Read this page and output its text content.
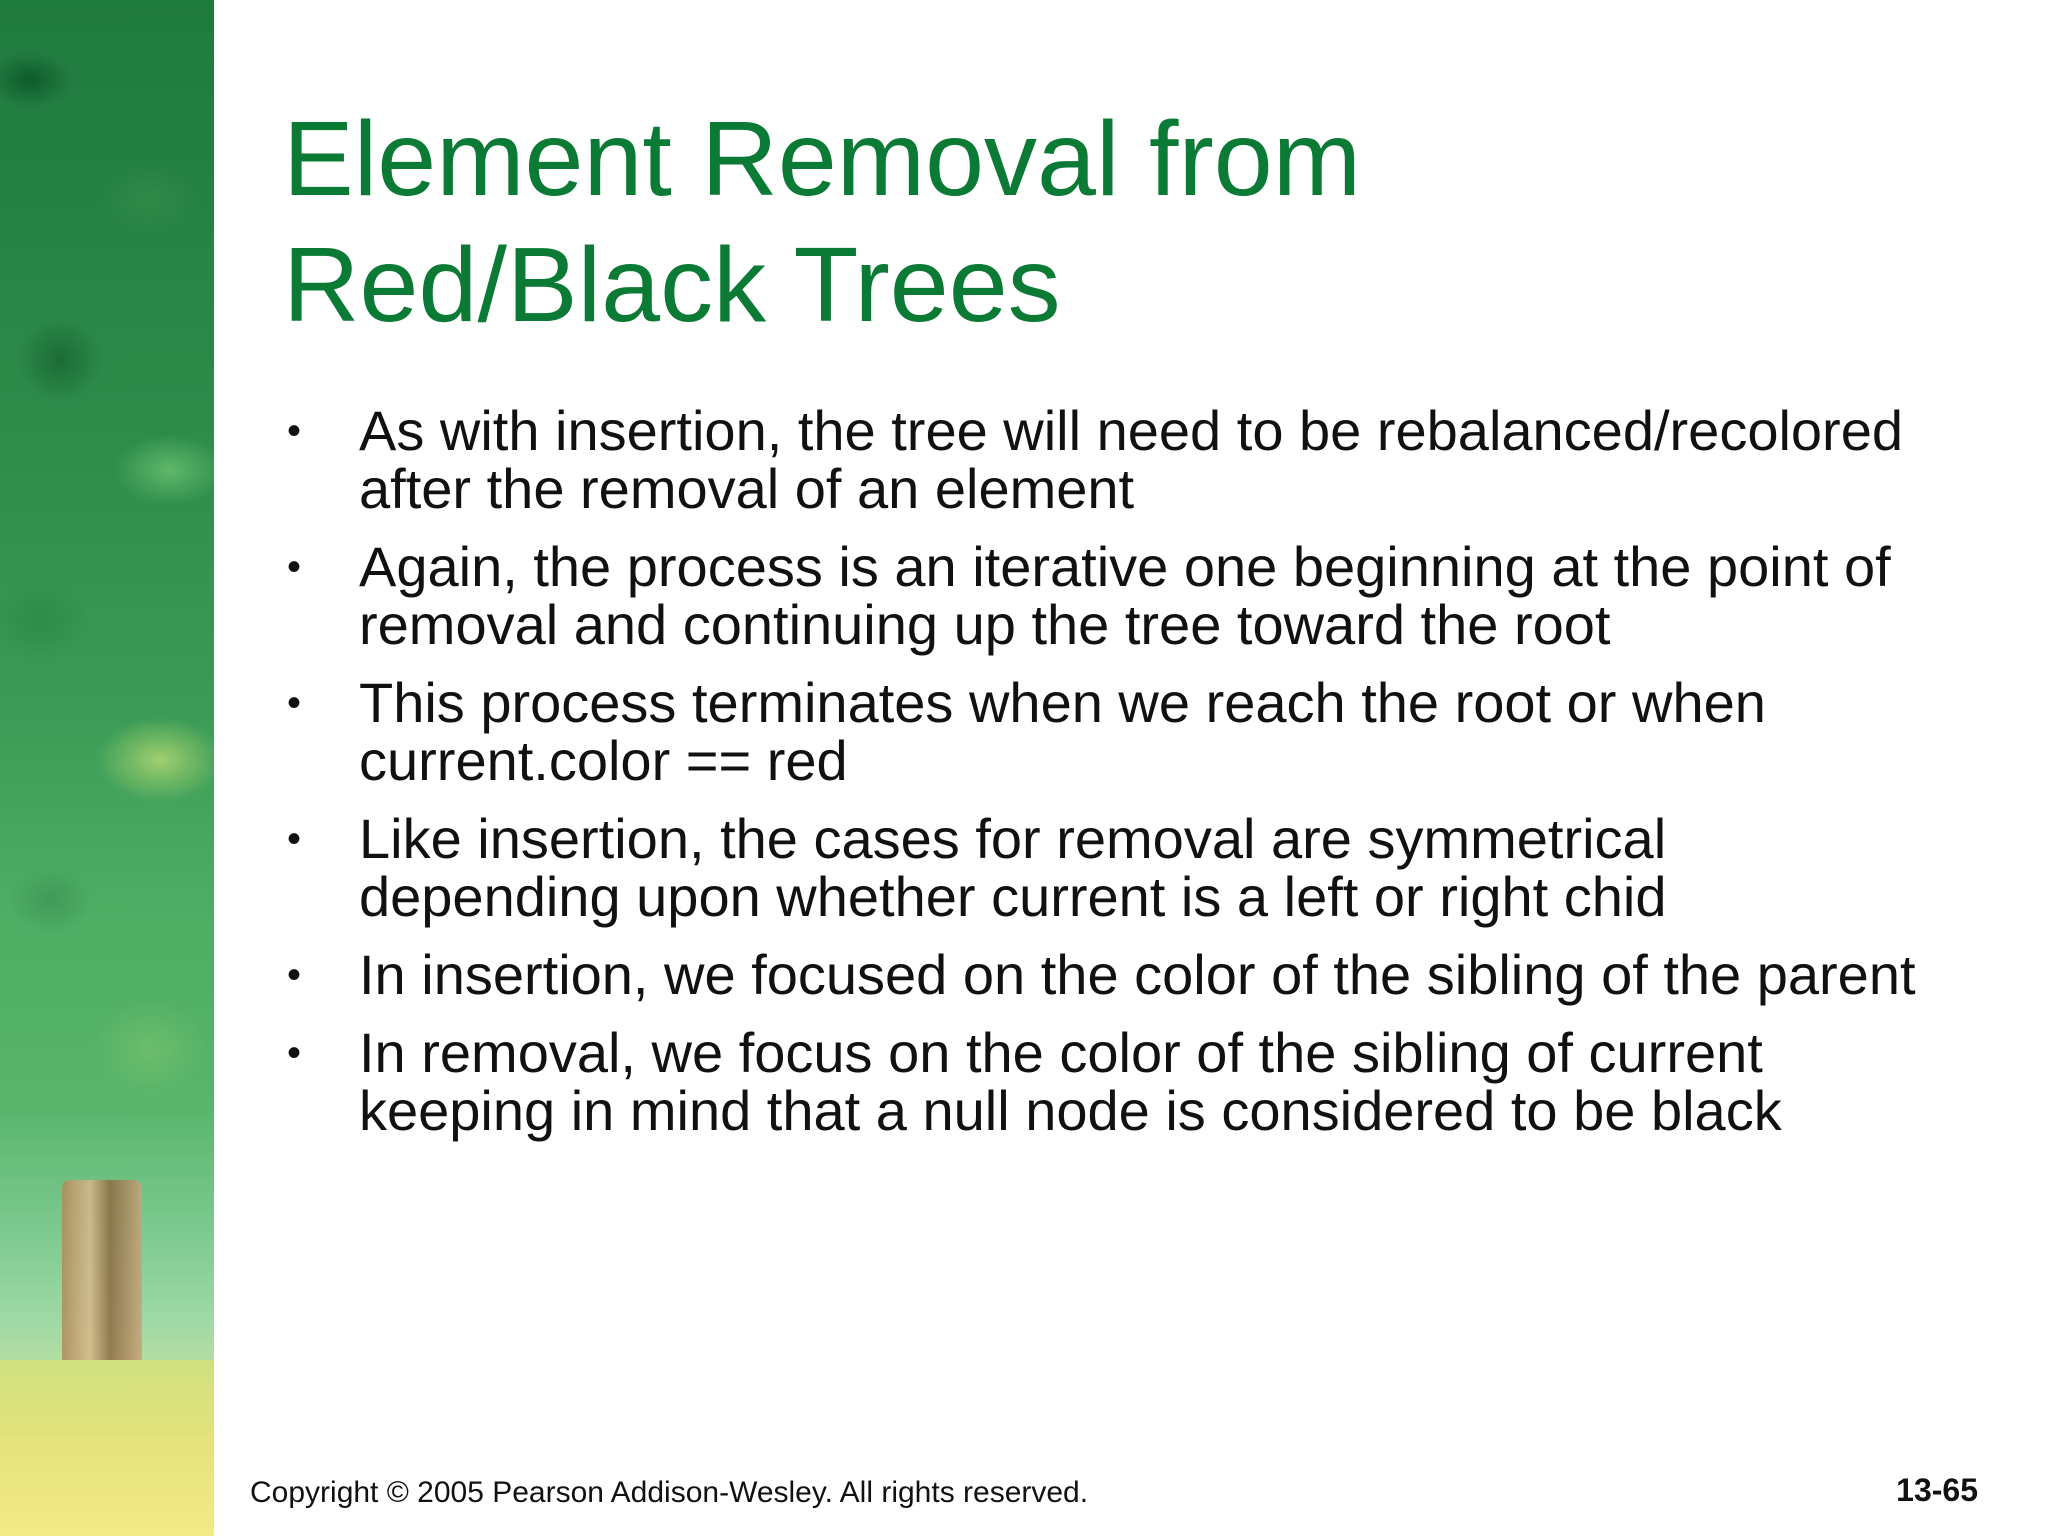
Element Removal from
Red/Black Trees
• As with insertion, the tree will need to be rebalanced/recolored
after the removal of an element
• Again, the process is an iterative one beginning at the point of
removal and continuing up the tree toward the root
• This process terminates when we reach the root or when
current.color == red
• Like insertion, the cases for removal are symmetrical
depending upon whether current is a left or right chid
• In insertion, we focused on the color of the sibling of the parent
• In removal, we focus on the color of the sibling of current
keeping in mind that a null node is considered to be black
Copyright © 2005 Pearson Addison-Wesley. All rights reserved.	13-65
